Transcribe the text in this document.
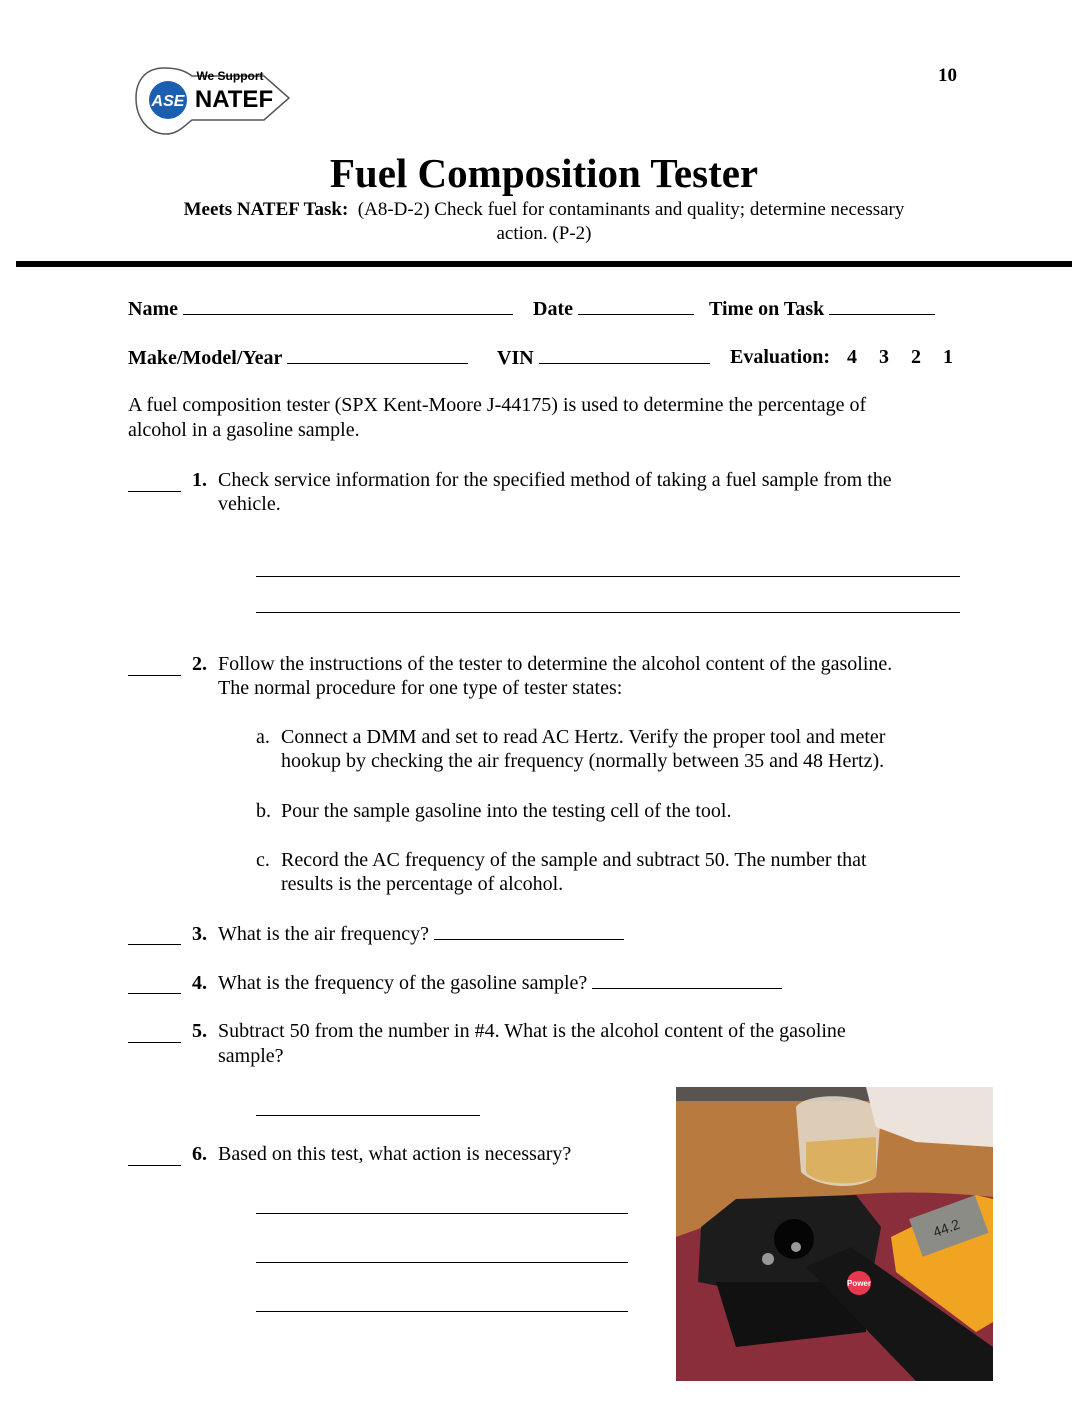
10
ASE
We Support
NATEF
Fuel Composition Tester
Meets NATEF Task: (A8-D-2) Check fuel for contaminants and quality; determine necessary
action. (P-2)
Name	Date	Time on Task
Make/Model/Year	VIN	Evaluation: 4 3 2 1
A fuel composition tester (SPX Kent-Moore J-44175) is used to determine the percentage of
alcohol in a gasoline sample.
1. Check service information for the specified method of taking a fuel sample from the
vehicle.
2. Follow the instructions of the tester to determine the alcohol content of the gasoline.
The normal procedure for one type of tester states:
a. Connect a DMM and set to read AC Hertz. Verify the proper tool and meter
hookup by checking the air frequency (normally between 35 and 48 Hertz).
b. Pour the sample gasoline into the testing cell of the tool.
c. Record the AC frequency of the sample and subtract 50. The number that
results is the percentage of alcohol.
3. What is the air frequency?
4. What is the frequency of the gasoline sample?
5. Subtract 50 from the number in #4. What is the alcohol content of the gasoline
sample?
6. Based on this test, what action is necessary?
44.2
Power
